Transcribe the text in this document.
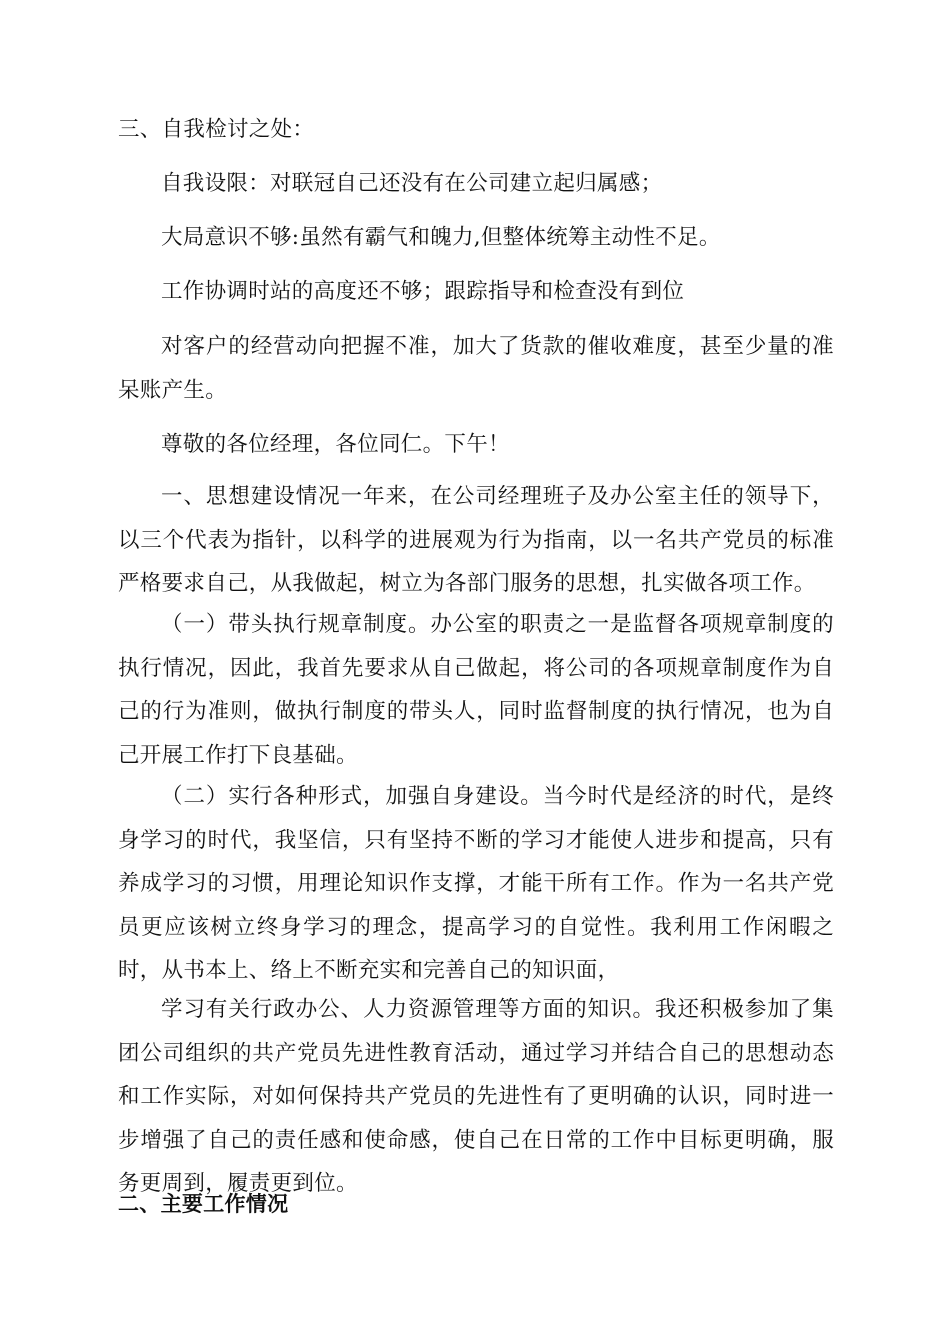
三、自我检讨之处：

自我设限：对联冠自己还没有在公司建立起归属感；

大局意识不够:虽然有霸气和魄力,但整体统筹主动性不足。

工作协调时站的高度还不够；跟踪指导和检查没有到位

对客户的经营动向把握不准，加大了货款的催收难度，甚至少量的准呆账产生。

尊敬的各位经理，各位同仁。下午！

一、思想建设情况一年来，在公司经理班子及办公室主任的领导下，以三个代表为指针，以科学的进展观为行为指南，以一名共产党员的标准严格要求自己，从我做起，树立为各部门服务的思想，扎实做各项工作。

（一）带头执行规章制度。办公室的职责之一是监督各项规章制度的执行情况，因此，我首先要求从自己做起，将公司的各项规章制度作为自己的行为准则，做执行制度的带头人，同时监督制度的执行情况，也为自己开展工作打下良基础。

（二）实行各种形式，加强自身建设。当今时代是经济的时代，是终身学习的时代，我坚信，只有坚持不断的学习才能使人进步和提高，只有养成学习的习惯，用理论知识作支撑，才能干所有工作。作为一名共产党员更应该树立终身学习的理念，提高学习的自觉性。我利用工作闲暇之时，从书本上、络上不断充实和完善自己的知识面，

学习有关行政办公、人力资源管理等方面的知识。我还积极参加了集团公司组织的共产党员先进性教育活动，通过学习并结合自己的思想动态和工作实际，对如何保持共产党员的先进性有了更明确的认识，同时进一步增强了自己的责任感和使命感，使自己在日常的工作中目标更明确，服务更周到，履责更到位。

二、主要工作情况
